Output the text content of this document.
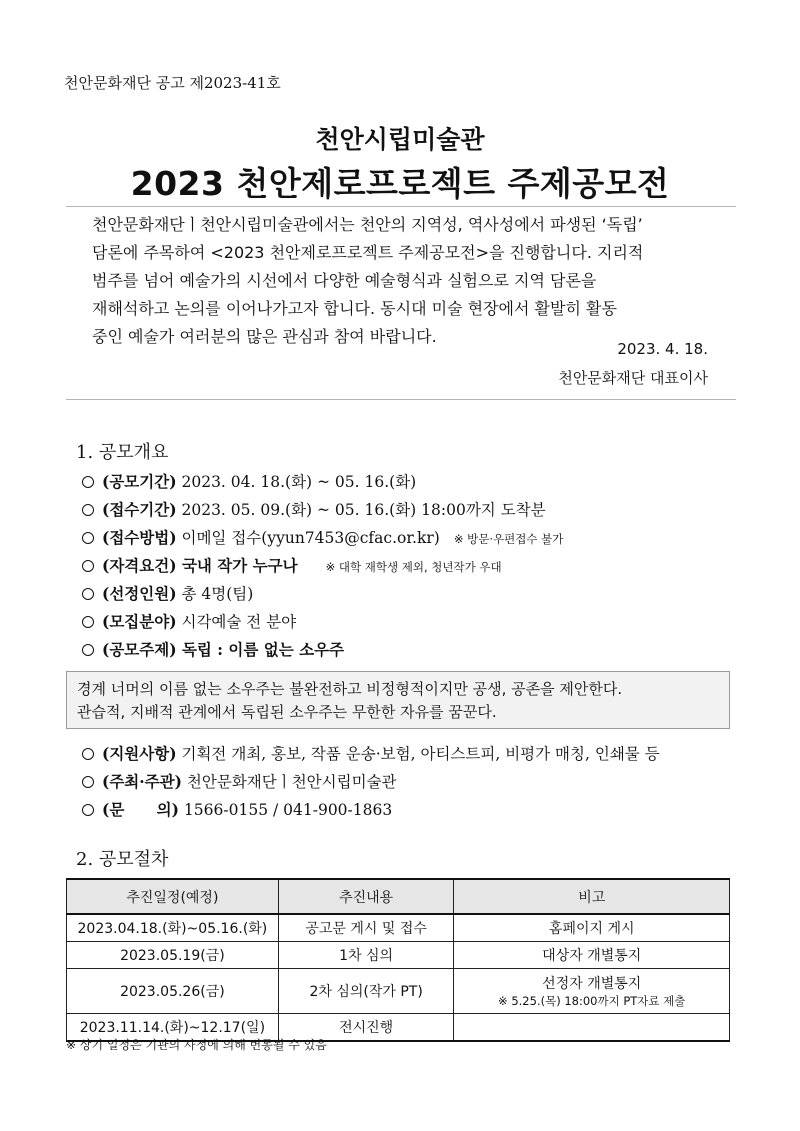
천안문화재단 공고 제2023-41호
천안시립미술관
2023 천안제로프로젝트 주제공모전
천안문화재단ㅣ천안시립미술관에서는 천안의 지역성, 역사성에서 파생된 ‘독립’
담론에 주목하여 <2023 천안제로프로젝트 주제공모전>을 진행합니다. 지리적
범주를 넘어 예술가의 시선에서 다양한 예술형식과 실험으로 지역 담론을
재해석하고 논의를 이어나가고자 합니다. 동시대 미술 현장에서 활발히 활동
중인 예술가 여러분의 많은 관심과 참여 바랍니다.
2023. 4. 18.
천안문화재단 대표이사
1. 공모개요
(공모기간) 2023. 04. 18.(화) ~ 05. 16.(화)
(접수기간) 2023. 05. 09.(화) ~ 05. 16.(화) 18:00까지 도착분
(접수방법) 이메일 접수(yyun7453@cfac.or.kr) ※ 방문·우편접수 불가
(자격요건) 국내 작가 누구나 ※ 대학 재학생 제외, 청년작가 우대
(선정인원) 총 4명(팀)
(모집분야) 시각예술 전 분야
(공모주제) 독립 : 이름 없는 소우주
경계 너머의 이름 없는 소우주는 불완전하고 비정형적이지만 공생, 공존을 제안한다.
관습적, 지배적 관계에서 독립된 소우주는 무한한 자유를 꿈꾼다.
(지원사항) 기획전 개최, 홍보, 작품 운송·보험, 아티스트피, 비평가 매칭, 인쇄물 등
(주최·주관) 천안문화재단ㅣ천안시립미술관
(문      의) 1566-0155 / 041-900-1863
2. 공모절차
추진일정(예정)	추진내용	비고
2023.04.18.(화)~05.16.(화)	공고문 게시 및 접수	홈페이지 게시
2023.05.19(금)	1차 심의	대상자 개별통지
2023.05.26(금)	2차 심의(작가 PT)	선정자 개별통지
※ 5.25.(목) 18:00까지 PT자료 제출

2023.11.14.(화)~12.17(일)	전시진행	
※ 상기 일정은 기관의 사정에 의해 변동될 수 있음
